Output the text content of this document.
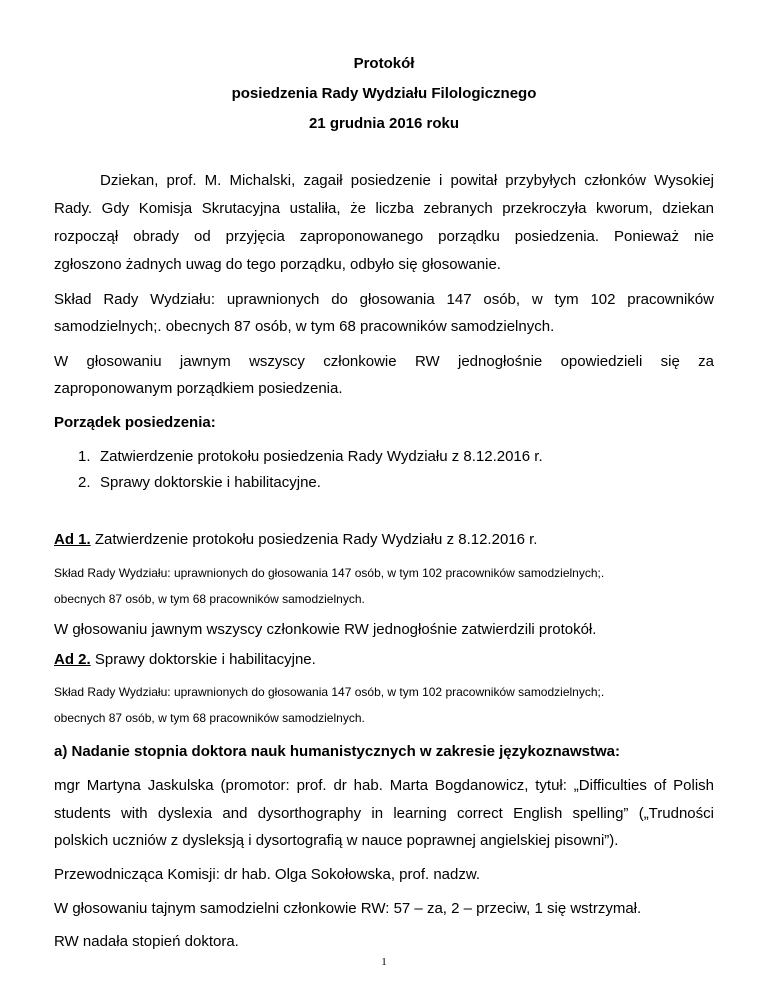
Protokół

posiedzenia Rady Wydziału Filologicznego

21 grudnia 2016 roku

Dziekan, prof. M. Michalski, zagaił posiedzenie i powitał przybyłych członków Wysokiej

Rady. Gdy Komisja Skrutacyjna ustaliła, że liczba zebranych przekroczyła kworum, dziekan

rozpoczął obrady od przyjęcia zaproponowanego porządku posiedzenia. Ponieważ nie

zgłoszono żadnych uwag do tego porządku, odbyło się głosowanie.

Skład Rady Wydziału: uprawnionych do głosowania 147 osób, w tym 102 pracowników

samodzielnych;. obecnych 87 osób, w tym 68 pracowników samodzielnych.

W głosowaniu jawnym wszyscy członkowie RW jednogłośnie opowiedzieli się za

zaproponowanym porządkiem posiedzenia.

Porządek posiedzenia:

1. Zatwierdzenie protokołu posiedzenia Rady Wydziału z 8.12.2016 r.
2. Sprawy doktorskie i habilitacyjne.

Ad 1. Zatwierdzenie protokołu posiedzenia Rady Wydziału z 8.12.2016 r.

Skład Rady Wydziału: uprawnionych do głosowania 147 osób, w tym 102 pracowników samodzielnych;.

obecnych 87 osób, w tym 68 pracowników samodzielnych.

W głosowaniu jawnym wszyscy członkowie RW jednogłośnie zatwierdzili protokół.

Ad 2. Sprawy doktorskie i habilitacyjne.

Skład Rady Wydziału: uprawnionych do głosowania 147 osób, w tym 102 pracowników samodzielnych;.

obecnych 87 osób, w tym 68 pracowników samodzielnych.

a) Nadanie stopnia doktora nauk humanistycznych w zakresie językoznawstwa:

mgr Martyna Jaskulska (promotor: prof. dr hab. Marta Bogdanowicz, tytuł: „Difficulties of Polish

students with dyslexia and dysorthography in learning correct English spelling” („Trudności

polskich uczniów z dysleksją i dysortografią w nauce poprawnej angielskiej pisowni”).

Przewodnicząca Komisji: dr hab. Olga Sokołowska, prof. nadzw.

W głosowaniu tajnym samodzielni członkowie RW: 57 – za, 2 – przeciw, 1 się wstrzymał.

RW nadała stopień doktora.

1
